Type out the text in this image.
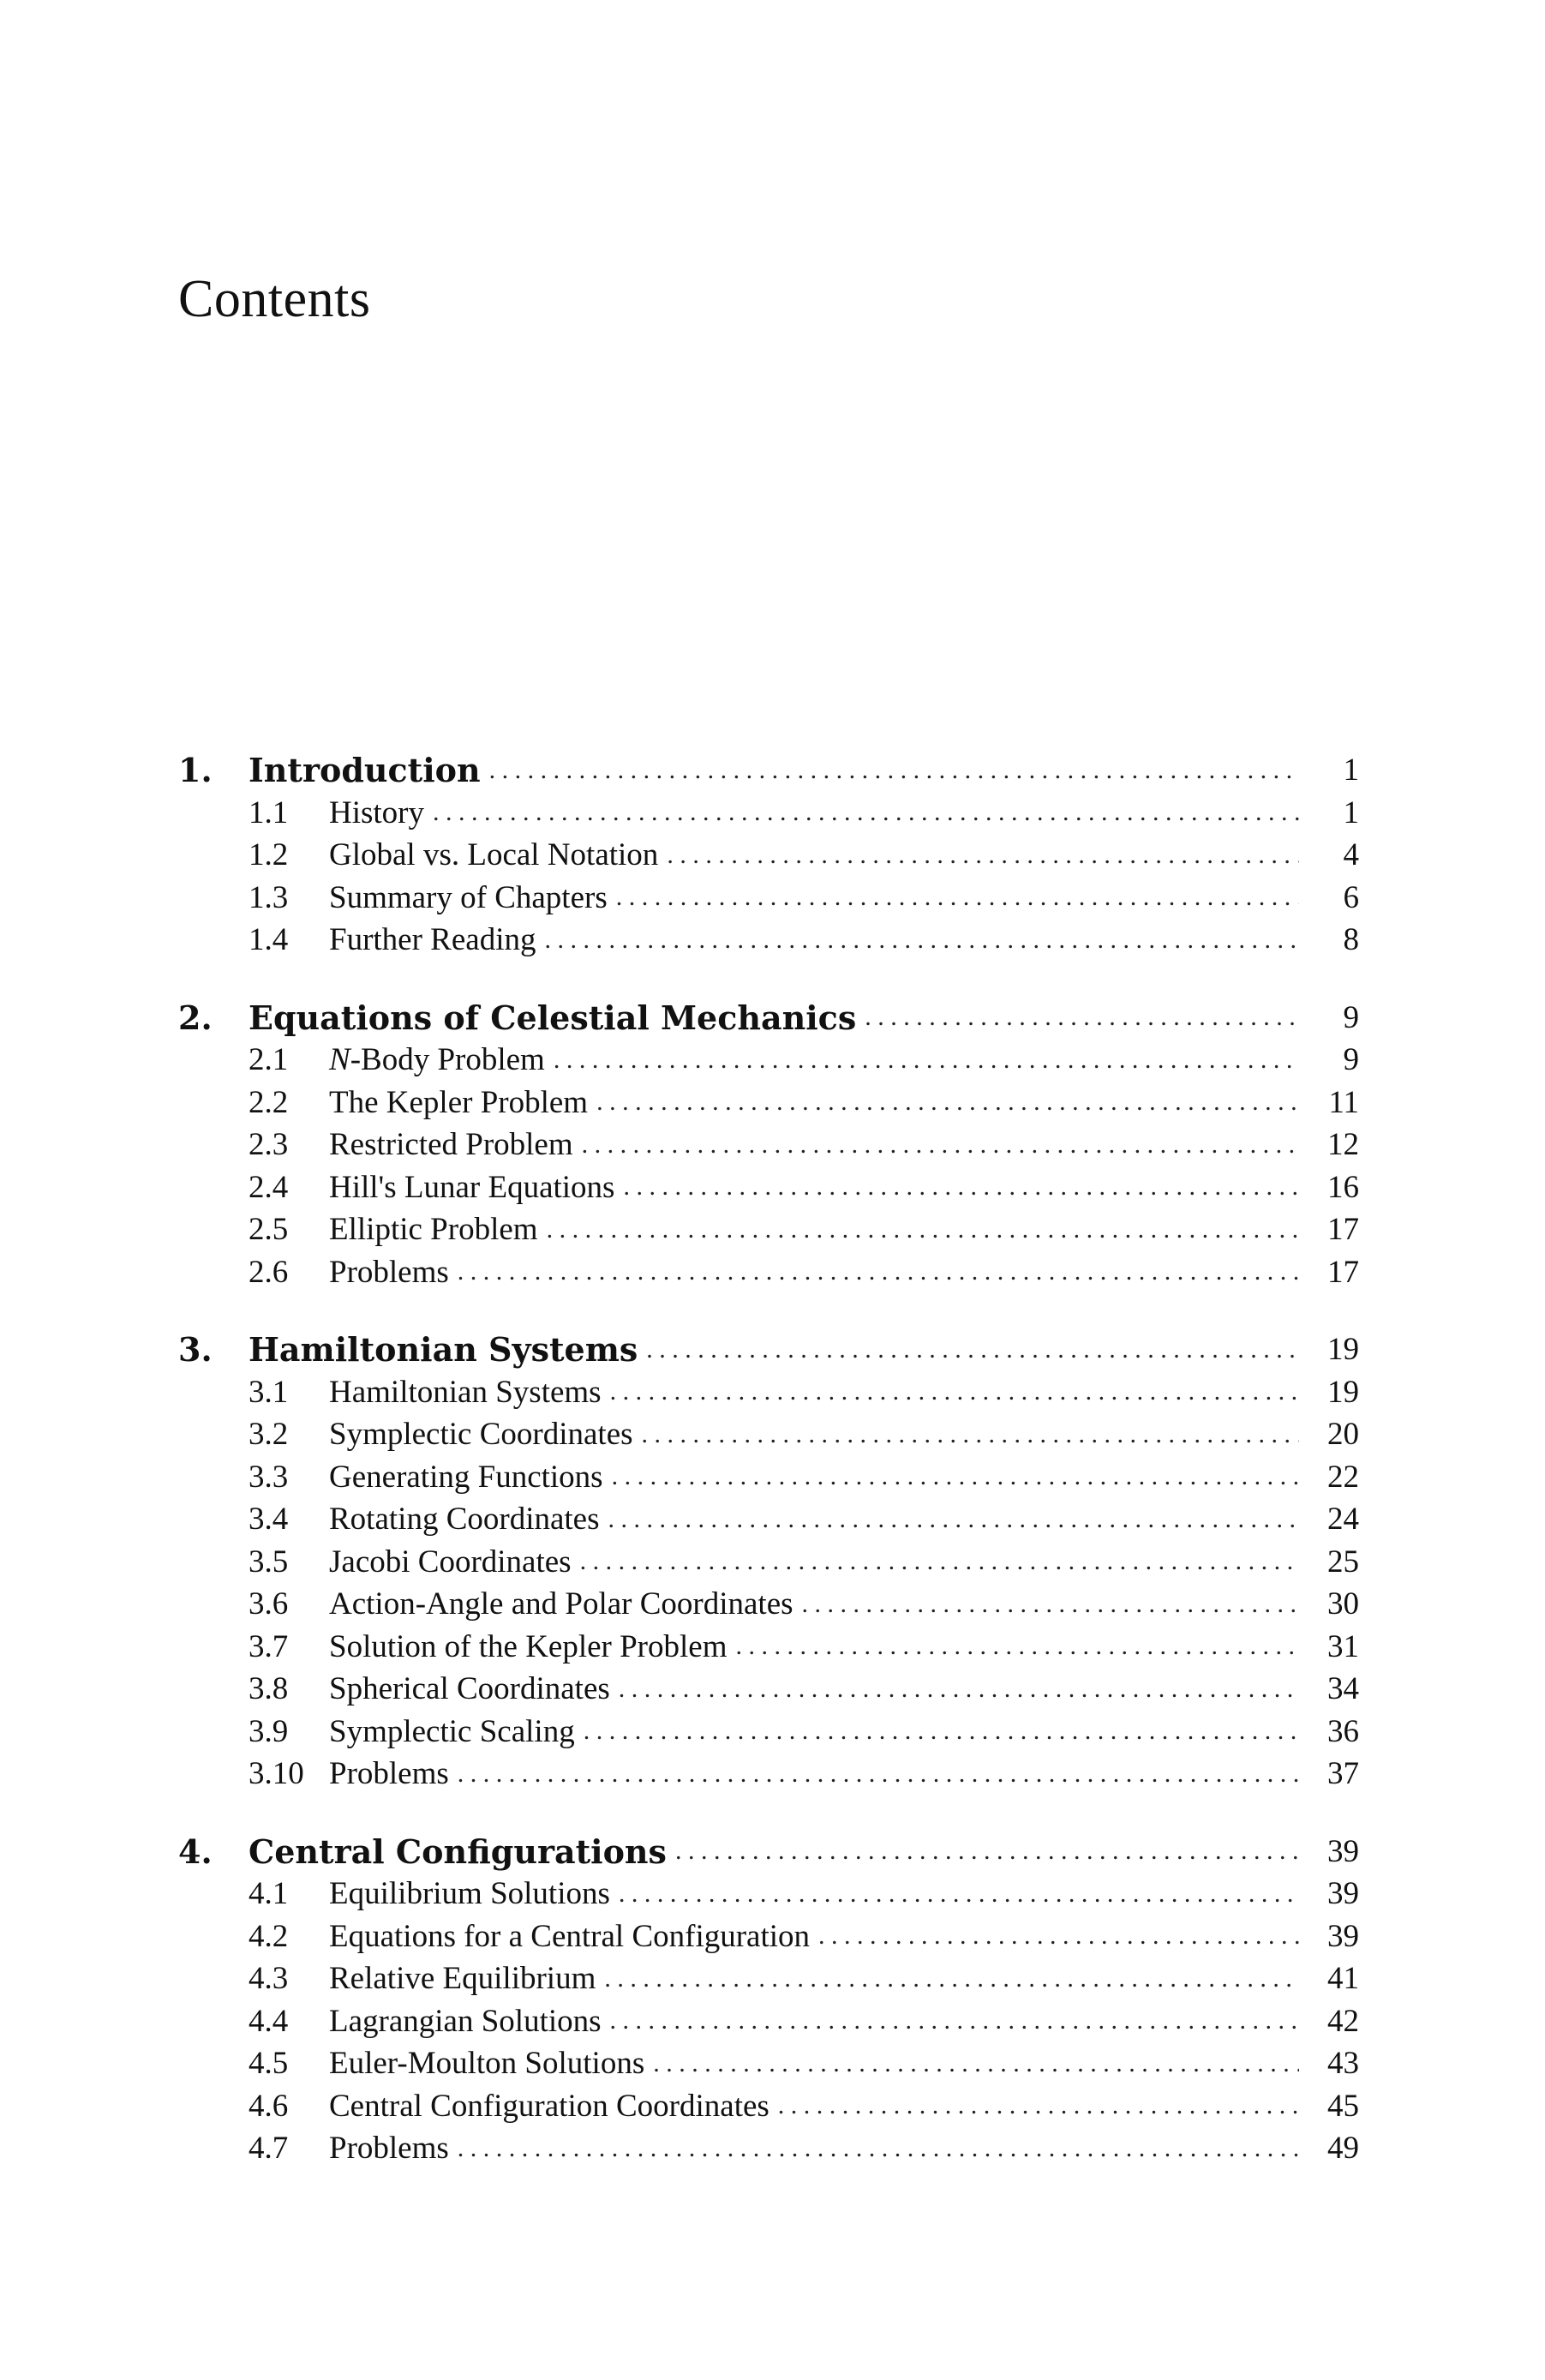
Contents
1.	Introduction . . .	1
1.1	History . . .	1
1.2	Global vs. Local Notation . . .	4
1.3	Summary of Chapters . . .	6
1.4	Further Reading . . .	8
2.	Equations of Celestial Mechanics . . .	9
2.1	N-Body Problem . . .	9
2.2	The Kepler Problem . . .	11
2.3	Restricted Problem . . .	12
2.4	Hill's Lunar Equations . . .	16
2.5	Elliptic Problem . . .	17
2.6	Problems . . .	17
3.	Hamiltonian Systems . . .	19
3.1	Hamiltonian Systems . . .	19
3.2	Symplectic Coordinates . . .	20
3.3	Generating Functions . . .	22
3.4	Rotating Coordinates . . .	24
3.5	Jacobi Coordinates . . .	25
3.6	Action-Angle and Polar Coordinates . . .	30
3.7	Solution of the Kepler Problem . . .	31
3.8	Spherical Coordinates . . .	34
3.9	Symplectic Scaling . . .	36
3.10 Problems . . .	37
4.	Central Configurations . . .	39
4.1	Equilibrium Solutions . . .	39
4.2	Equations for a Central Configuration . . .	39
4.3	Relative Equilibrium . . .	41
4.4	Lagrangian Solutions . . .	42
4.5	Euler-Moulton Solutions . . .	43
4.6	Central Configuration Coordinates . . .	45
4.7	Problems . . .	49
